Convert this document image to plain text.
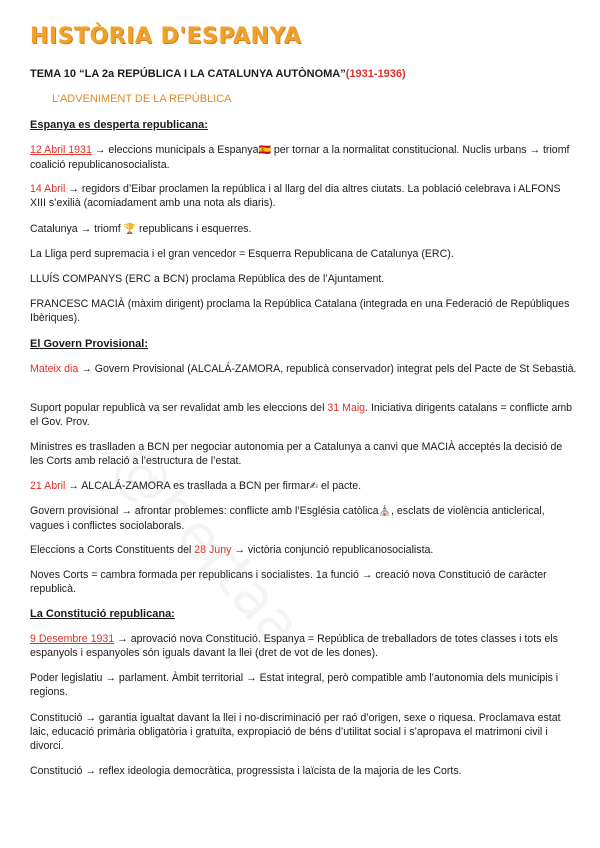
HISTÒRIA D'ESPANYA
TEMA 10 “LA 2a REPÚBLICA I LA CATALUNYA AUTÒNOMA”(1931-1936)
L’ADVENIMENT DE LA REPÚBLICA
Espanya es desperta republicana:
12 Abril 1931 → eleccions municipals a Espanya🇪🇸 per tornar a la normalitat constitucional. Nuclis urbans → triomf coalició republicanosocialista.
14 Abril → regidors d’Eibar proclamen la república i al llarg del dia altres ciutats. La població celebrava i ALFONS XIII s’exilià (acomiadament amb una nota als diaris).
Catalunya → triomf 🏆 republicans i esquerres.
La Lliga perd supremacia i el gran vencedor = Esquerra Republicana de Catalunya (ERC).
LLUÍS COMPANYS (ERC a BCN) proclama República des de l’Ajuntament.
FRANCESC MACIÀ (màxim dirigent) proclama la República Catalana (integrada en una Federació de Repúbliques Ibèriques).
El Govern Provisional:
Mateix dia → Govern Provisional (ALCALÁ-ZAMORA, republicà conservador) integrat pels del Pacte de St Sebastià.
Suport popular republicà va ser revalidat amb les eleccions del 31 Maig. Iniciativa dirigents catalans = conflicte amb el Gov. Prov.
Ministres es traslladen a BCN per negociar autonomia per a Catalunya a canvi que MACIÀ acceptés la decisió de les Corts amb relació a l’estructura de l’estat.
21 Abril → ALCALÁ-ZAMORA es trasllada a BCN per firmar✍ el pacte.
Govern provisional → afrontar problemes: conflicte amb l’Església catòlica⛪, esclats de violència anticlerical, vagues i conflictes sociolaborals.
Eleccions a Corts Constituents del 28 Juny → victòria conjunció republicanosocialista.
Noves Corts = cambra formada per republicans i socialistes. 1a funció → creació nova Constitució de caràcter republicà.
La Constitució republicana:
9 Desembre 1931 → aprovació nova Constitució. Espanya = República de treballadors de totes classes i tots els espanyols i espanyoles són iguals davant la llei (dret de vot de les dones).
Poder legislatiu → parlament. Àmbit territorial → Estat integral, però compatible amb l’autonomia dels municipis i regions.
Constitució → garantia igualtat davant la llei i no-discriminació per raó d’origen, sexe o riquesa. Proclamava estat laic, educació primària obligatòria i gratuïta, expropiació de béns d’utilitat social i s’apropava el matrimoni civil i divorci.
Constitució → reflex ideologia democràtica, progressista i laïcista de la majoria de les Corts.
